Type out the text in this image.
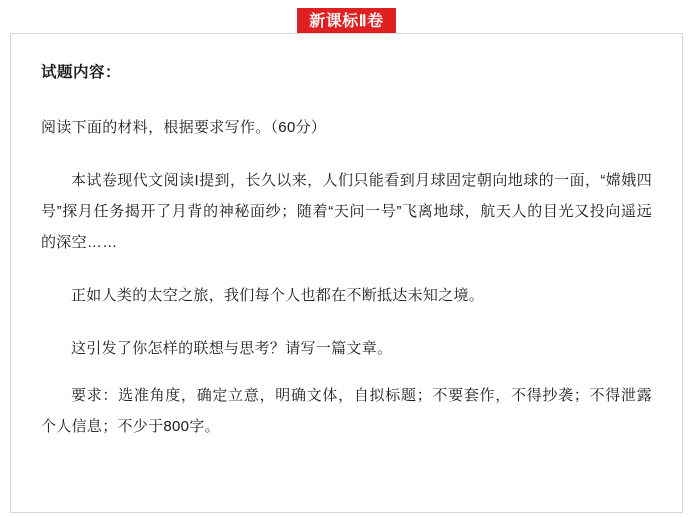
新课标Ⅱ卷
试题内容：

阅读下面的材料，根据要求写作。（60分）

本试卷现代文阅读I提到，长久以来，人们只能看到月球固定朝向地球的一面，“嫦娥四号”探月任务揭开了月背的神秘面纱；随着“天问一号”飞离地球，航天人的目光又投向遥远的深空……

正如人类的太空之旅，我们每个人也都在不断抵达未知之境。

这引发了你怎样的联想与思考？请写一篇文章。

要求：选准角度，确定立意，明确文体，自拟标题；不要套作，不得抄袭；不得泄露个人信息；不少于800字。
